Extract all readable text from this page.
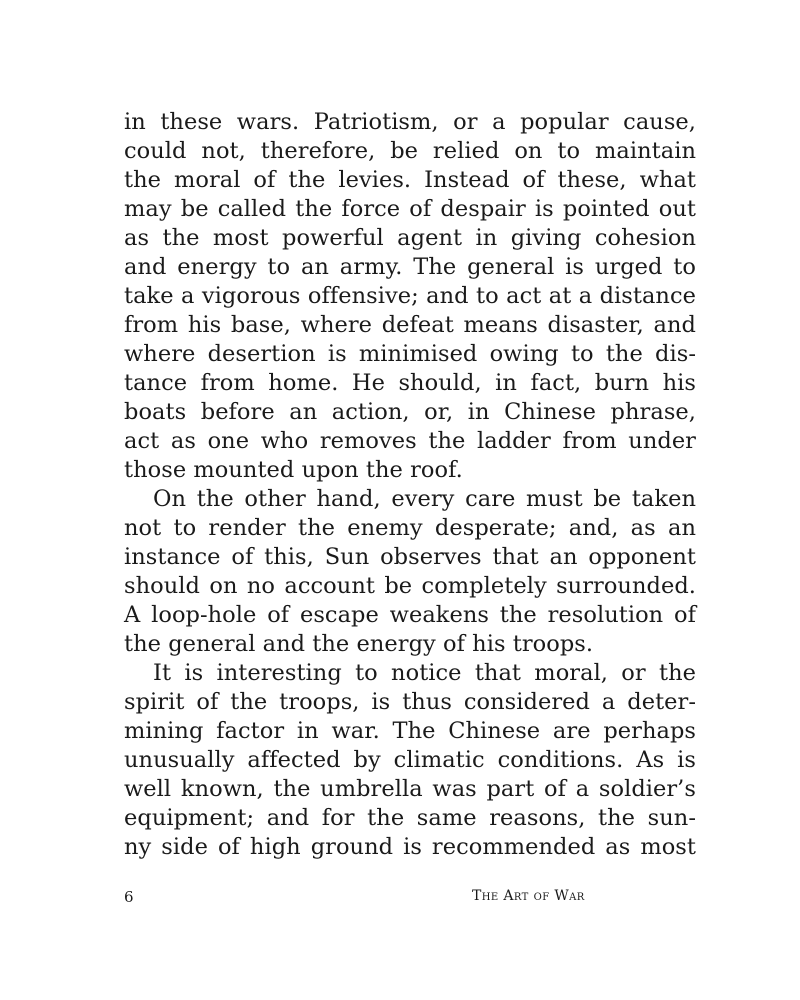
in these wars. Patriotism, or a popular cause,
could not, therefore, be relied on to maintain
the moral of the levies. Instead of these, what
may be called the force of despair is pointed out
as the most powerful agent in giving cohesion
and energy to an army. The general is urged to
take a vigorous offensive; and to act at a distance
from his base, where defeat means disaster, and
where desertion is minimised owing to the dis-
tance from home. He should, in fact, burn his
boats before an action, or, in Chinese phrase,
act as one who removes the ladder from under
those mounted upon the roof.
On the other hand, every care must be taken
not to render the enemy desperate; and, as an
instance of this, Sun observes that an opponent
should on no account be completely surrounded.
A loop-hole of escape weakens the resolution of
the general and the energy of his troops.
It is interesting to notice that moral, or the
spirit of the troops, is thus considered a deter-
mining factor in war. The Chinese are perhaps
unusually affected by climatic conditions. As is
well known, the umbrella was part of a soldier’s
equipment; and for the same reasons, the sun-
ny side of high ground is recommended as most
6	The Art of War
